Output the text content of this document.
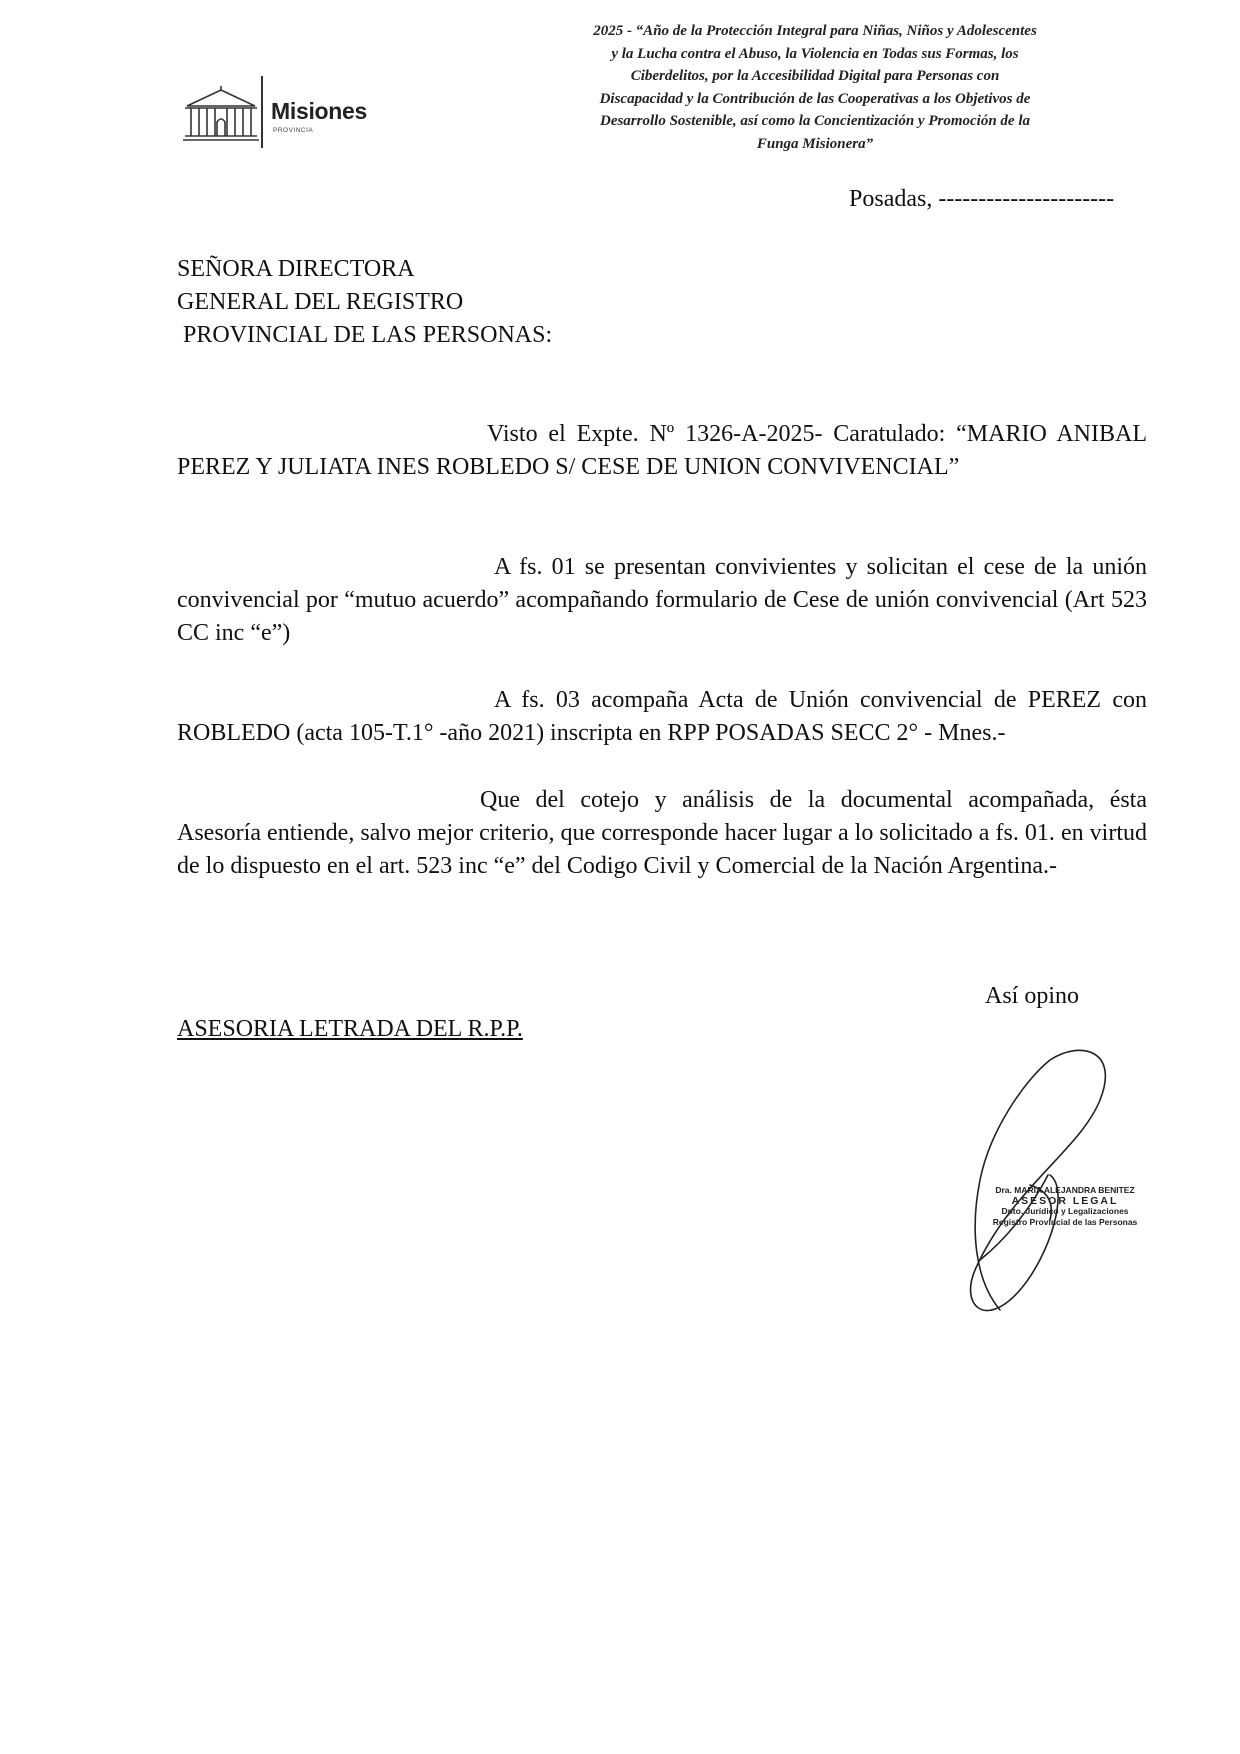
Misiones
PROVINCIA
2025 - “Año de la Protección Integral para Niñas, Niños y Adolescentes
y la Lucha contra el Abuso, la Violencia en Todas sus Formas, los
Ciberdelitos, por la Accesibilidad Digital para Personas con
Discapacidad y la Contribución de las Cooperativas a los Objetivos de
Desarrollo Sostenible, así como la Concientización y Promoción de la
Funga Misionera”
Posadas, ----------------------
SEÑORA DIRECTORA
GENERAL DEL REGISTRO
PROVINCIAL DE LAS PERSONAS:

Visto el Expte. Nº 1326-A-2025- Caratulado: “MARIO ANIBAL PEREZ Y JULIATA INES ROBLEDO S/ CESE DE UNION CONVIVENCIAL”

A fs. 01 se presentan convivientes y solicitan el cese de la unión convivencial por “mutuo acuerdo” acompañando formulario de Cese de unión convivencial (Art 523 CC inc “e”)

A fs. 03 acompaña Acta de Unión convivencial de PEREZ con ROBLEDO (acta 105-T.1° -año 2021) inscripta en RPP POSADAS SECC 2° - Mnes.-

Que del cotejo y análisis de la documental acompañada, ésta Asesoría entiende, salvo mejor criterio, que corresponde hacer lugar a lo solicitado a fs. 01. en virtud de lo dispuesto en el art. 523 inc “e” del Codigo Civil y Comercial de la Nación Argentina.-

Así opino
ASESORIA LETRADA DEL R.P.P.
Dra. MARIA ALEJANDRA BENITEZ
ASESOR LEGAL
Dpto. Jurídico y Legalizaciones
Registro Provincial de las Personas
